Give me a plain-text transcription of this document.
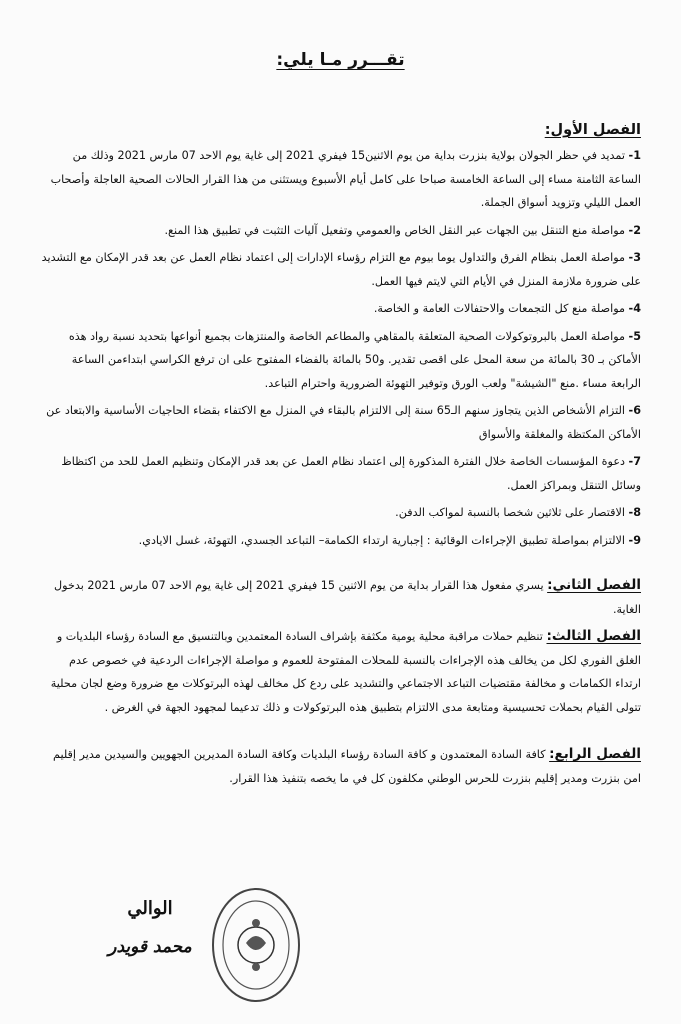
تقـــرر مـا يلي:
الفصل الأول:
1- تمديد في حظر الجولان بولاية بنزرت بداية من يوم الاثنين15 فيفري 2021 إلى غاية يوم الاحد 07 مارس 2021 وذلك من الساعة الثامنة مساء إلى الساعة الخامسة صباحا على كامل أيام الأسبوع ويستثنى من هذا القرار الحالات الصحية العاجلة وأصحاب العمل الليلي وتزويد أسواق الجملة.
2- مواصلة منع التنقل بين الجهات عبر النقل الخاص والعمومي وتفعيل آليات التثبت في تطبيق هذا المنع.
3- مواصلة العمل بنظام الفرق والتداول يوما بيوم مع التزام رؤساء الإدارات إلى اعتماد نظام العمل عن بعد قدر الإمكان مع التشديد على ضرورة ملازمة المنزل في الأيام التي لايتم فيها العمل.
4- مواصلة منع كل التجمعات والاحتفالات العامة و الخاصة.
5- مواصلة العمل بالبروتوكولات الصحية المتعلقة بالمقاهي والمطاعم الخاصة والمنتزهات بجميع أنواعها بتحديد نسبة رواد هذه الأماكن بـ 30 بالمائة من سعة المحل على اقصى تقدير. و50 بالمائة بالفضاء المفتوح على ان ترفع الكراسي ابتداءمن الساعة الرابعة مساء .منع "الشيشة" ولعب الورق وتوفير التهوئة الضرورية واحترام التباعد.
6- التزام الأشخاص الذين يتجاوز سنهم الـ65 سنة إلى الالتزام بالبقاء في المنزل مع الاكتفاء بقضاء الحاجيات الأساسية والابتعاد عن الأماكن المكتظة والمغلقة والأسواق
7- دعوة المؤسسات الخاصة خلال الفترة المذكورة إلى اعتماد نظام العمل عن بعد قدر الإمكان وتنظيم العمل للحد من اكتظاظ وسائل التنقل وبمراكز العمل.
8- الاقتصار على ثلاثين شخصا بالنسبة لمواكب الدفن.
9- الالتزام بمواصلة تطبيق الإجراءات الوقائية : إجبارية ارتداء الكمامة– التباعد الجسدي، التهوئة، غسل الايادي.
الفصل الثاني: يسري مفعول هذا القرار بداية من يوم الاثنين 15 فيفري 2021 إلى غاية يوم الاحد 07 مارس 2021 بدخول الغاية.
الفصل الثالث: تنظيم حملات مراقبة محلية يومية مكثفة بإشراف السادة المعتمدين وبالتنسيق مع السادة رؤساء البلديات و الغلق الفوري لكل من يخالف هذه الإجراءات بالنسبة للمحلات المفتوحة للعموم و مواصلة الإجراءات الردعية في خصوص عدم ارتداء الكمامات و مخالفة مقتضيات التباعد الاجتماعي والتشديد على ردع كل مخالف لهذه البرتوكلات مع ضرورة وضع لجان محلية تتولى القيام بحملات تحسيسية ومتابعة مدى الالتزام بتطبيق هذه البرتوكولات و ذلك تدعيما لمجهود الجهة في الغرض .
الفصل الرابع: كافة السادة المعتمدون و كافة السادة رؤساء البلديات وكافة السادة المديرين الجهويين والسيدين مدير إقليم امن بنزرت ومدير إقليم بنزرت للحرس الوطني مكلفون كل في ما يخصه بتنفيذ هذا القرار.
الوالي
محمد قويدر
